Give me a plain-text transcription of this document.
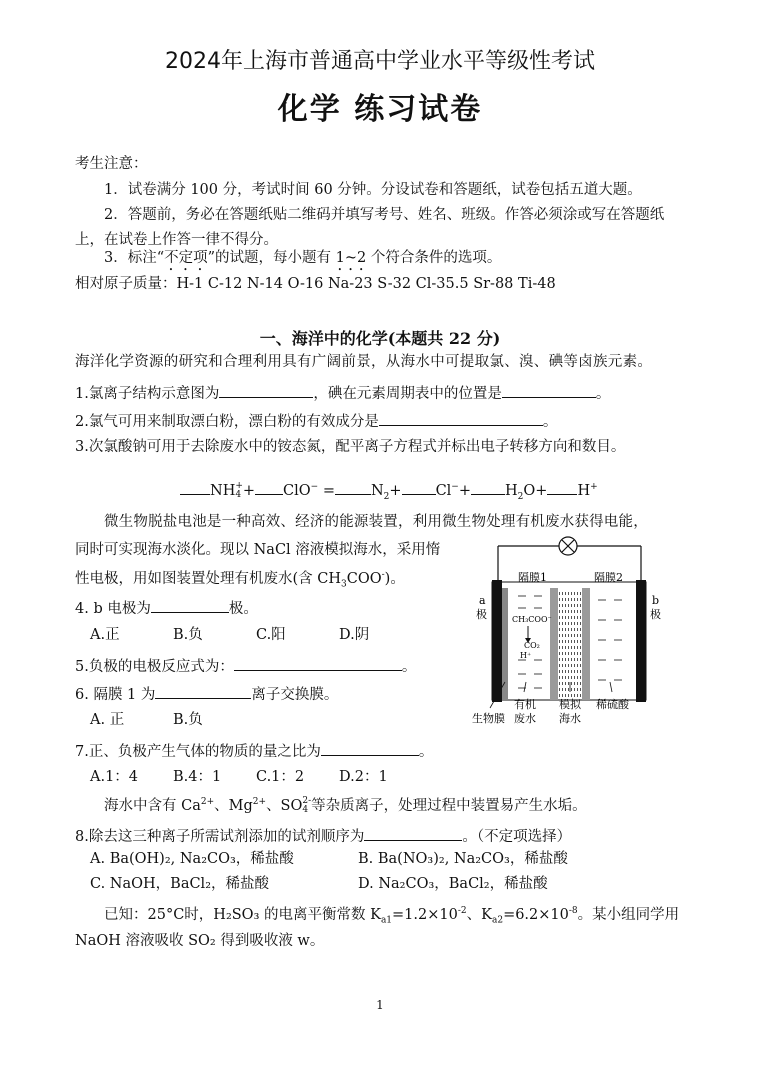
2024年上海市普通高中学业水平等级性考试
化学 练习试卷
考生注意：
1．试卷满分 100 分，考试时间 60 分钟。分设试卷和答题纸，试卷包括五道大题。
2．答题前，务必在答题纸贴二维码并填写考号、姓名、班级。作答必须涂或写在答题纸
上，在试卷上作答一律不得分。
3．标注“不定项”的试题，每小题有 1~2 个符合条件的选项。
相对原子质量：H-1 C-12 N-14 O-16 Na-23 S-32 Cl-35.5 Sr-88 Ti-48
一、海洋中的化学(本题共 22 分)
海洋化学资源的研究和合理利用具有广阔前景，从海水中可提取氯、溴、碘等卤族元素。
1.氯离子结构示意图为	，碘在元素周期表中的位置是	。
2.氯气可用来制取漂白粉，漂白粉的有效成分是	。
3.次氯酸钠可用于去除废水中的铵态氮，配平离子方程式并标出电子转移方向和数目。
NH +
$4 + ClO^- = N_2+ Cl^-+ H_2O+ H^+$
微生物脱盐电池是一种高效、经济的能源装置，利用微生物处理有机废水获得电能，
同时可实现海水淡化。现以 NaCl 溶液模拟海水，采用惰
性电极，用如图装置处理有机废水(含 $CH_3COO^-$)。
4. b 电极为	极。
A.正	B.负	C.阳	D.阴
5.负极的电极反应式为：	。
6. 隔膜 1 为	离子交换膜。
A. 正	B.负
7.正、负极产生气体的物质的量之比为	。
A.1：4 B.4：1 C.1：2 D.2：1
海水中含有 $Ca^{2+}$、$Mg^{2+}$、SO 2-
4 等杂质离子，处理过程中装置易产生水垢。
8.除去这三种离子所需试剂添加的试剂顺序为	。（不定项选择）
A. Ba(OH)₂, Na₂CO₃，稀盐酸	B. Ba(NO₃)₂, Na₂CO₃，稀盐酸
C. NaOH，BaCl₂，稀盐酸	D. Na₂CO₃，BaCl₂，稀盐酸
已知：25°C时，H₂SO₃ 的电离平衡常数 $K_{a1}=1.2\times 10^{-2}$、$K_{a2}=6.2\times 10^{-8}$。某小组同学用
NaOH 溶液吸收 SO₂ 得到吸收液 w。
CH₃COO⁻
CO₂
H⁺
隔膜1	隔膜2
a
极
b
极
生物膜
有机
废水
模拟
海水
稀硫酸
1
